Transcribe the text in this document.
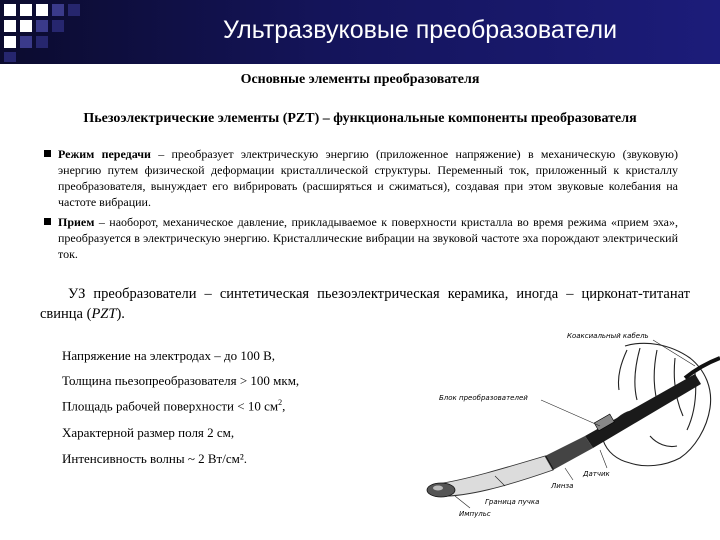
Ультразвуковые преобразователи
Основные элементы преобразователя
Пьезоэлектрические элементы (PZT) – функциональные компоненты преобразователя
Режим передачи – преобразует электрическую энергию (приложенное напряжение) в механическую (звуковую) энергию путем физической деформации кристаллической структуры. Переменный ток, приложенный к кристаллу преобразователя, вынуждает его вибрировать (расширяться и сжиматься), создавая при этом звуковые колебания на частоте вибрации.
Прием – наоборот, механическое давление, прикладываемое к поверхности кристалла во время режима «прием эха», преобразуется в электрическую энергию. Кристаллические вибрации на звуковой частоте эха порождают электрический ток.
УЗ преобразователи – синтетическая пьезоэлектрическая керамика, иногда – цирконат-титанат свинца (PZT).
Напряжение на электродах – до 100 В,
Толщина пьезопреобразователя > 100 мкм,
Площадь рабочей поверхности < 10 $см^2$,
Характерной размер поля 2 см,
Интенсивность волны ~ 2 Вт/см².
Коаксиальный кабель
Блок преобразователей
Линза
Датчик
Граница пучка
Импульс
